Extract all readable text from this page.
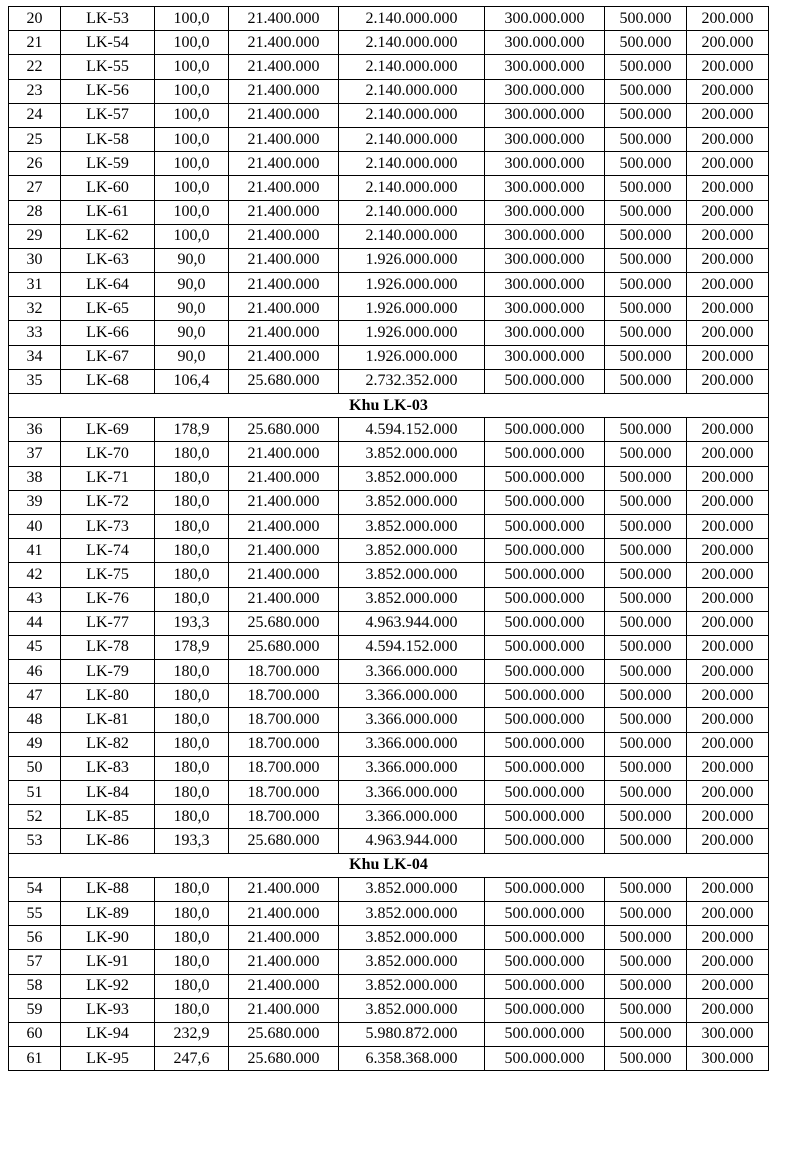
20	LK-53	100,0	21.400.000	2.140.000.000	300.000.000	500.000	200.000
21	LK-54	100,0	21.400.000	2.140.000.000	300.000.000	500.000	200.000
22	LK-55	100,0	21.400.000	2.140.000.000	300.000.000	500.000	200.000
23	LK-56	100,0	21.400.000	2.140.000.000	300.000.000	500.000	200.000
24	LK-57	100,0	21.400.000	2.140.000.000	300.000.000	500.000	200.000
25	LK-58	100,0	21.400.000	2.140.000.000	300.000.000	500.000	200.000
26	LK-59	100,0	21.400.000	2.140.000.000	300.000.000	500.000	200.000
27	LK-60	100,0	21.400.000	2.140.000.000	300.000.000	500.000	200.000
28	LK-61	100,0	21.400.000	2.140.000.000	300.000.000	500.000	200.000
29	LK-62	100,0	21.400.000	2.140.000.000	300.000.000	500.000	200.000
30	LK-63	90,0	21.400.000	1.926.000.000	300.000.000	500.000	200.000
31	LK-64	90,0	21.400.000	1.926.000.000	300.000.000	500.000	200.000
32	LK-65	90,0	21.400.000	1.926.000.000	300.000.000	500.000	200.000
33	LK-66	90,0	21.400.000	1.926.000.000	300.000.000	500.000	200.000
34	LK-67	90,0	21.400.000	1.926.000.000	300.000.000	500.000	200.000
35	LK-68	106,4	25.680.000	2.732.352.000	500.000.000	500.000	200.000
Khu LK-03							
36	LK-69	178,9	25.680.000	4.594.152.000	500.000.000	500.000	200.000
37	LK-70	180,0	21.400.000	3.852.000.000	500.000.000	500.000	200.000
38	LK-71	180,0	21.400.000	3.852.000.000	500.000.000	500.000	200.000
39	LK-72	180,0	21.400.000	3.852.000.000	500.000.000	500.000	200.000
40	LK-73	180,0	21.400.000	3.852.000.000	500.000.000	500.000	200.000
41	LK-74	180,0	21.400.000	3.852.000.000	500.000.000	500.000	200.000
42	LK-75	180,0	21.400.000	3.852.000.000	500.000.000	500.000	200.000
43	LK-76	180,0	21.400.000	3.852.000.000	500.000.000	500.000	200.000
44	LK-77	193,3	25.680.000	4.963.944.000	500.000.000	500.000	200.000
45	LK-78	178,9	25.680.000	4.594.152.000	500.000.000	500.000	200.000
46	LK-79	180,0	18.700.000	3.366.000.000	500.000.000	500.000	200.000
47	LK-80	180,0	18.700.000	3.366.000.000	500.000.000	500.000	200.000
48	LK-81	180,0	18.700.000	3.366.000.000	500.000.000	500.000	200.000
49	LK-82	180,0	18.700.000	3.366.000.000	500.000.000	500.000	200.000
50	LK-83	180,0	18.700.000	3.366.000.000	500.000.000	500.000	200.000
51	LK-84	180,0	18.700.000	3.366.000.000	500.000.000	500.000	200.000
52	LK-85	180,0	18.700.000	3.366.000.000	500.000.000	500.000	200.000
53	LK-86	193,3	25.680.000	4.963.944.000	500.000.000	500.000	200.000
Khu LK-04							
54	LK-88	180,0	21.400.000	3.852.000.000	500.000.000	500.000	200.000
55	LK-89	180,0	21.400.000	3.852.000.000	500.000.000	500.000	200.000
56	LK-90	180,0	21.400.000	3.852.000.000	500.000.000	500.000	200.000
57	LK-91	180,0	21.400.000	3.852.000.000	500.000.000	500.000	200.000
58	LK-92	180,0	21.400.000	3.852.000.000	500.000.000	500.000	200.000
59	LK-93	180,0	21.400.000	3.852.000.000	500.000.000	500.000	200.000
60	LK-94	232,9	25.680.000	5.980.872.000	500.000.000	500.000	300.000
61	LK-95	247,6	25.680.000	6.358.368.000	500.000.000	500.000	300.000
